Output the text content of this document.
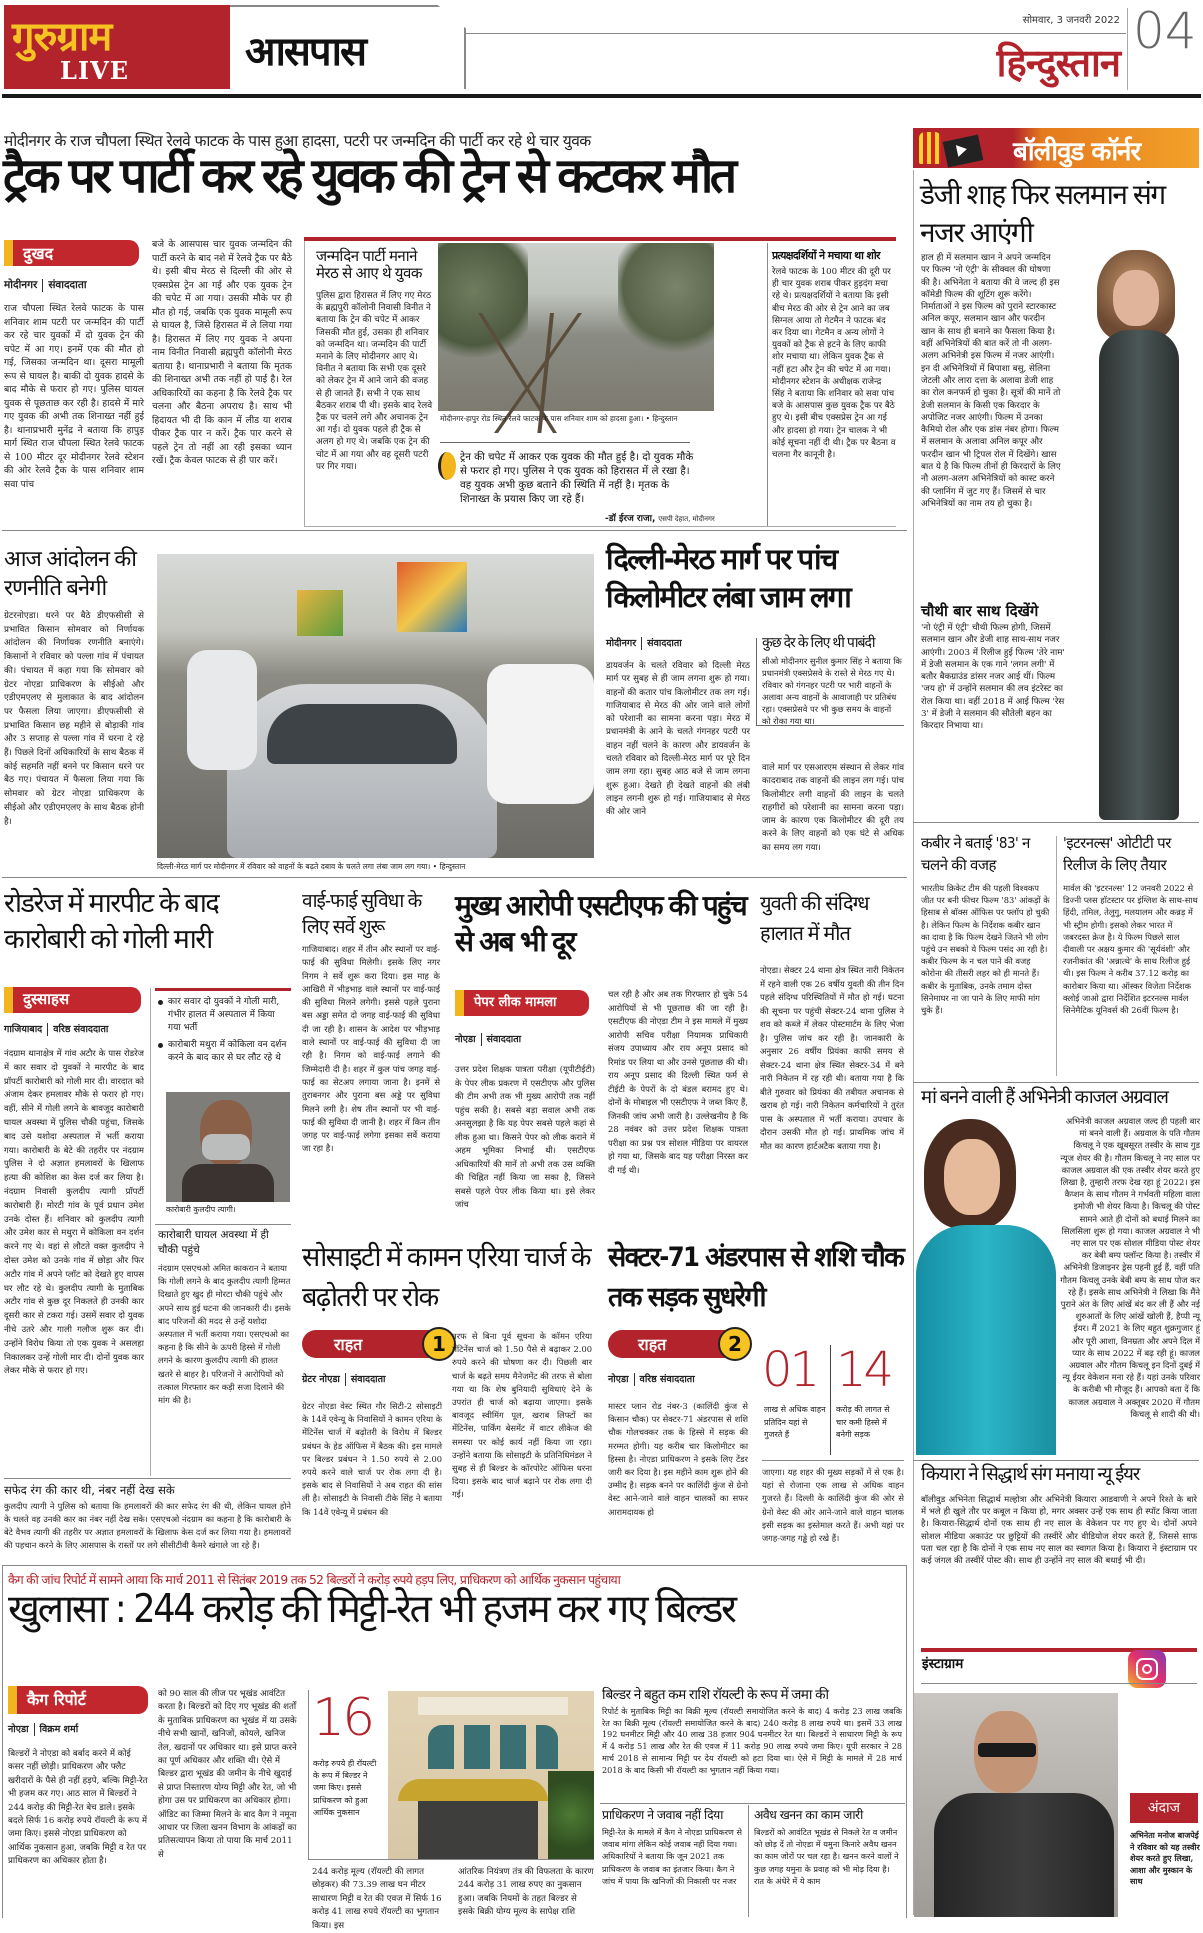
गुरुग्राम
LIVE	आसपास
सोमवार, 3 जनवरी 2022
हिन्दुस्तान
04
मोदीनगर के राज चौपला स्थित रेलवे फाटक के पास हुआ हादसा, पटरी पर जन्मदिन की पार्टी कर रहे थे चार युवक
ट्रैक पर पार्टी कर रहे युवक की ट्रेन से कटकर मौत
दुखद
मोदीनगर संवाददाता
राज चौपला स्थित रेलवे फाटक के पास शनिवार शाम पटरी पर जन्मदिन की पार्टी कर रहे चार युवकों में दो युवक ट्रेन की चपेट में आ गए। इनमें एक की मौत हो गई, जिसका जन्मदिन था। दूसरा मामूली रूप से घायल है। बाकी दो युवक हादसे के बाद मौके से फरार हो गए। पुलिस घायल युवक से पूछताछ कर रही है। हादसे में मारे गए युवक की अभी तक शिनाख्त नहीं हुई है। थानाप्रभारी मुनेंद्र ने बताया कि हापुड़ मार्ग स्थित राज चौपला स्थित रेलवे फाटक से 100 मीटर दूर मोदीनगर रेलवे स्टेशन की ओर रेलवे ट्रैक के पास शनिवार शाम सवा पांच
बजे के आसपास चार युवक जन्मदिन की पार्टी करने के बाद नशे में रेलवे ट्रैक पर बैठे थे। इसी बीच मेरठ से दिल्ली की ओर से एक्सप्रेस ट्रेन आ गई और एक युवक ट्रेन की चपेट में आ गया। उसकी मौके पर ही मौत हो गई, जबकि एक युवक मामूली रूप से घायल है, जिसे हिरासत में ले लिया गया है। हिरासत में लिए गए युवक ने अपना नाम विनीत निवासी ब्रह्मपुरी कॉलोनी मेरठ बताया है। थानाप्रभारी ने बताया कि मृतक की शिनाख्त अभी तक नहीं हो पाई है। रेल अधिकारियों का कहना है कि रेलवे ट्रैक पर चलना और बैठना अपराध है। साथ भी हिदायत भी दी कि कान में लीड या शराब पीकर ट्रैक पार न करें। ट्रैक पार करने से पहले ट्रेन तो नहीं आ रही इसका ध्यान रखें। ट्रैक केवल फाटक से ही पार करें।
जन्मदिन पार्टी मनाने मेरठ से आए थे युवक
पुलिस द्वारा हिरासत में लिए गए मेरठ के ब्रह्मपुरी कॉलोनी निवासी विनीत ने बताया कि ट्रेन की चपेट में आकर जिसकी मौत हुई, उसका ही शनिवार को जन्मदिन था। जन्मदिन की पार्टी मनाने के लिए मोदीनगर आए थे। विनीत ने बताया कि सभी एक दूसरे को लेकर ट्रेन में आने जाने की वजह से ही जानते हैं। सभी ने एक साथ बैठकर शराब पी थी। इसके बाद रेलवे ट्रैक पर चलने लगे और अचानक ट्रेन आ गई। दो युवक पहले ही ट्रैक से अलग हो गए थे। जबकि एक ट्रेन की चोट में आ गया और वह दूसरी पटरी पर गिर गया।
मोदीनगर-हापुर रोड स्थित रेलवे फाटक के पास शनिवार शाम को हादसा हुआ। • हिन्दुस्तान
ट्रेन की चपेट में आकर एक युवक की मौत हुई है। दो युवक मौके से फरार हो गए। पुलिस ने एक युवक को हिरासत में ले रखा है। वह युवक अभी कुछ बताने की स्थिति में नहीं है। मृतक के शिनाख्त के प्रयास किए जा रहे हैं।
-डॉ ईरज राजा, एसपी देहात, मोदीनगर
प्रत्यक्षदर्शियों ने मचाया था शोर
रेलवे फाटक के 100 मीटर की दूरी पर ही चार युवक शराब पीकर हुड़दंग मचा रहे थे। प्रत्यक्षदर्शियों ने बताया कि इसी बीच मेरठ की ओर से ट्रेन आने का जब सिग्नल आया तो गेटमैन ने फाटक बंद कर दिया था। गेटमैन व अन्य लोगों ने युवकों को ट्रैक से हटने के लिए काफी शोर मचाया था। लेकिन युवक ट्रैक से नहीं हटा और ट्रेन की चपेट में आ गया। मोदीनगर स्टेशन के अधीक्षक राजेन्द्र सिंह ने बताया कि शनिवार को सवा पांच बजे के आसपास कुछ युवक ट्रैक पर बैठे हुए थे। इसी बीच एक्सप्रेस ट्रेन आ गई और हादसा हो गया। ट्रेन चालक ने भी कोई सूचना नहीं दी थी। ट्रैक पर बैठना व चलना गैर कानूनी है।
बॉलीवुड कॉर्नर
डेजी शाह फिर सलमान संग नजर आएंगी
हाल ही में सलमान खान ने अपने जन्मदिन पर फिल्म 'नो एंट्री' के सीक्वल की घोषणा की है। अभिनेता ने बताया की वे जल्द ही इस कॉमेडी फिल्म की शूटिंग शुरू करेंगे। निर्माताओं ने इस फिल्म को पुराने स्टारकास्ट अनिल कपूर, सलमान खान और फरदीन खान के साथ ही बनाने का फैसला किया है। वहीं अभिनेत्रियों की बात करें तो नी अलग-अलग अभिनेत्री इस फिल्म में नजर आएंगी। इन दी अभिनेत्रियों में बिपाशा बसु, सेलिना जेटली और लारा दत्ता के अलावा डेजी शाह का रोल कनफर्म हो चुका है। सूत्रों की मानें तो डेजी सलमान के किसी एक किरदार के अपोजिट नजर आएंगी। फिल्म में उनका कैमियो रोल और एक डांस नंबर होगा। फिल्म में सलमान के अलावा अनिल कपूर और फरदीन खान भी ट्रिपल रोल में दिखेंगे। खास बात ये है कि फिल्म तीनों ही किरदारों के लिए नौ अलग-अलग अभिनेत्रियों को कास्ट करने की प्लानिंग में जुट गए हैं। जिसमें से चार अभिनेत्रियों का नाम तय हो चुका है।
चौथी बार साथ दिखेंगे
'नो एंट्री में एंट्री' चौथी फिल्म होगी, जिसमें सलमान खान और डेजी शाह साथ-साथ नजर आएंगी। 2003 में रिलीज हुई फिल्म 'तेरे नाम' में डेजी सलमान के एक गाने 'लगन लगी' में बतौर बैकग्राउंड डांसर नजर आई थीं। फिल्म 'जय हो' में उन्होंने सलमान की लव इंटरेस्ट का रोल किया था। वहीं 2018 में आई फिल्म 'रेस 3' में डेजी ने सलमान की सौतेली बहन का किरदार निभाया था।
कबीर ने बताई '83' न चलने की वजह
भारतीय क्रिकेट टीम की पहली विश्वकप जीत पर बनी फीचर फिल्म '83' आंकड़ों के हिसाब से बॉक्स ऑफिस पर फ्लॉप हो चुकी है। लेकिन फिल्म के निर्देशक कबीर खान का दावा है कि फिल्म देखने जितने भी लोग पहुंचे उन सबको ये फिल्म पसंद आ रही है। कबीर फिल्म के न चल पाने की वजह कोरोना की तीसरी लहर को ही मानते हैं। कबीर के मुताबिक, उनके तमाम दोस्त सिनेमाघर ना जा पाने के लिए माफी मांग चुके हैं।
'इटरनल्स' ओटीटी पर रिलीज के लिए तैयार
मार्वल की 'इटरनल्स' 12 जनवरी 2022 से डिज्नी प्लस हॉटस्टार पर इंग्लिश के साथ-साथ हिंदी, तमिल, तेलुगु, मलयालम और कन्नड़ में भी स्ट्रीम होगी। इसको लेकर भारत में जबरदस्त क्रेज है। ये फिल्म पिछले साल दीवाली पर अक्षय कुमार की 'सूर्यवंशी' और रजनीकांत की 'अन्नात्थे' के साथ रिलीज हुई थी। इस फिल्म ने करीब 37.12 करोड़ का कारोबार किया था। ऑस्कर विजेता निर्देशक क्लोई जाओ द्वारा निर्देशित इटरनल्स मार्वल सिनेमैटिक यूनिवर्स की 26वीं फिल्म है।
मां बनने वाली हैं अभिनेत्री काजल अग्रवाल
अभिनेत्री काजल अग्रवाल जल्द ही पहली बार मां बनने वाली हैं। अग्रवाल के पति गौतम किचलू ने एक खूबसूरत तस्वीर के साथ गुड न्यूज शेयर की है। गौतम किचलू ने नए साल पर काजल अग्रवाल की एक तस्वीर शेयर करते हुए लिखा है, तुम्हारी तरफ देख रहा हूं 2022। इस कैप्शन के साथ गौतम ने गर्भवती महिला वाला इमोजी भी शेयर किया है। किचलू की पोस्ट सामने आते ही दोनों को बधाई मिलने का सिलसिला शुरू हो गया। काजल अग्रवाल ने भी नए साल पर एक सोशल मीडिया पोस्ट शेयर कर बेबी बम्प फ्लॉन्ट किया है। तस्वीर में अभिनेत्री डिजाइनर ड्रेस पहनी हुई हैं, वहीं पति गौतम किचलू उनके बेबी बम्प के साथ पोज कर रहे हैं। इसके साथ अभिनेत्री ने लिखा कि मैंने पुराने अंत के लिए आंखें बंद कर ली हैं और नई शुरुआतों के लिए आंखें खोली हैं, हैप्पी न्यू ईयर। मैं 2021 के लिए बहुत शुक्रगुजार हूं और पूरी आशा, विनम्रता और अपने दिल में प्यार के साथ 2022 में बढ़ रही हूं। काजल अग्रवाल और गौतम किचलू इन दिनों दुबई में न्यू ईयर वेकेशन मना रहे हैं। यहां उनके परिवार के करीबी भी मौजूद हैं। आपको बता दें कि काजल अग्रवाल ने अक्तूबर 2020 में गौतम किचलू से शादी की थी।
कियारा ने सिद्धार्थ संग मनाया न्यू ईयर
बॉलीवुड अभिनेता सिद्धार्थ मल्होत्रा और अभिनेत्री कियारा आडवाणी ने अपने रिश्ते के बारे में भले ही खुले तौर पर कबूल न किया हो, मगर अक्सर उन्हें एक साथ ही स्पॉट किया जाता है। कियारा-सिद्धार्थ दोनों एक साथ ही नए साल के वेकेशन पर गए हुए थे। दोनों अपने सोशल मीडिया अकाउंट पर छुट्टियों की तस्वीरें और वीडियोज शेयर करते हैं, जिससे साफ पता चल रहा है कि दोनों ने एक साथ नए साल का स्वागत किया है। कियारा ने इंस्टाग्राम पर कई जंगल की तस्वीरें पोस्ट की। साथ ही उन्होंने नए साल की बधाई भी दी।
इंस्टाग्राम
अंदाज
अभिनेता मनोज बाजपेई ने रविवार को यह तस्वीर शेयर करते हुए लिखा, आशा और मुस्कान के साथ
आज आंदोलन की रणनीति बनेगी
ग्रेटरनोएडा। धरने पर बैठे डीएफसीसी से प्रभावित किसान सोमवार को निर्णायक आंदोलन की निर्णायक रणनीति बनाएंगे। किसानों ने रविवार को पल्ला गांव में पंचायत की। पंचायत में कहा गया कि सोमवार को ग्रेटर नोएडा प्राधिकरण के सीईओ और एडीएमएलए से मुलाकात के बाद आंदोलन पर फैसला लिया जाएगा। डीएफसीसी से प्रभावित किसान छह महीने से बोड़ाकी गांव और 3 सप्ताह से पल्ला गांव में धरना दे रहे हैं। पिछले दिनों अधिकारियों के साथ बैठक में कोई सहमति नहीं बनने पर किसान धरने पर बैठ गए। पंचायत में फैसला लिया गया कि सोमवार को ग्रेटर नोएडा प्राधिकरण के सीईओ और एडीएमएलए के साथ बैठक होनी है।
दिल्ली-मेरठ मार्ग पर मोदीनगर में रविवार को वाहनों के बढ़ते दबाव के चलते लगा लंबा जाम लग गया। • हिन्दुस्तान
दिल्ली-मेरठ मार्ग पर पांच किलोमीटर लंबा जाम लगा
मोदीनगर संवाददाता
डायवर्जन के चलते रविवार को दिल्ली मेरठ मार्ग पर सुबह से ही जाम लगना शुरू हो गया। वाहनों की कतार पांच किलोमीटर तक लग गई। गाजियाबाद से मेरठ की ओर जाने वाले लोगों को परेशानी का सामना करना पड़ा। मेरठ में प्रधानमंत्री के आने के चलते गंगनहर पटरी पर वाहन नहीं चलने के कारण और डायवर्जन के चलते रविवार को दिल्ली-मेरठ मार्ग पर पूरे दिन जाम लगा रहा। सुबह आठ बजे से जाम लगना शुरू हुआ। देखते ही देखते वाहनों की लंबी लाइन लगनी शुरू हो गई। गाजियाबाद से मेरठ की ओर जाने
कुछ देर के लिए थी पाबंदी
सीओ मोदीनगर सुनील कुमार सिंह ने बताया कि प्रधानमंत्री एक्सप्रेसवे के रास्ते से मेरठ गए थे। रविवार को गंगनहर पटरी पर भारी वाहनों के अलावा अन्य वाहनों के आवाजाही पर प्रतिबंध रहा। एक्सप्रेसवे पर भी कुछ समय के वाहनों को रोका गया था।
वाले मार्ग पर एसआरएम संस्थान से लेकर गांव कादराबाद तक वाहनों की लाइन लग गई। पांच किलोमीटर लगी वाहनों की लाइन के चलते राहगीरों को परेशानी का सामना करना पड़ा। जाम के कारण एक किलोमीटर की दूरी तय करने के लिए वाहनों को एक घंटे से अधिक का समय लग गया।
रोडरेज में मारपीट के बाद कारोबारी को गोली मारी
दुस्साहस
गाजियाबाद वरिष्ठ संवाददाता
नंदग्राम थानाक्षेत्र में गांव अटौर के पास रोडरेज में कार सवार दो युवकों ने मारपीट के बाद प्रॉपर्टी कारोबारी को गोली मार दी। वारदात को अंजाम देकर हमलावर मौके से फरार हो गए। वहीं, सीने में गोली लगने के बावजूद कारोबारी घायल अवस्था में पुलिस चौकी पहुंचा, जिसके बाद उसे यशोदा अस्पताल में भर्ती कराया गया। कारोबारी के बेटे की तहरीर पर नंदग्राम पुलिस ने दो अज्ञात हमलावरों के खिलाफ हत्या की कोशिश का केस दर्ज कर लिया है। नंदग्राम निवासी कुलदीप त्यागी प्रॉपर्टी कारोबारी हैं। मोरटी गांव के पूर्व प्रधान उमेश उनके दोस्त हैं। शनिवार को कुलदीप त्यागी और उमेश कार से मथुरा में कोकिला वन दर्शन करने गए थे। वहां से लौटते वक्त कुलदीप ने दोस्त उमेश को उनके गांव में छोड़ा और फिर अटौर गांव में अपने प्लॉट को देखते हुए वापस घर लौट रहे थे। कुलदीप त्यागी के मुताबिक अटौर गांव से कुछ दूर निकलते ही उनकी कार दूसरी कार से टकरा गई। उसमें सवार दो युवक नीचे उतरे और गाली गलौज शुरू कर दी। उन्होंने विरोध किया तो एक युवक ने असलहा निकालकर उन्हें गोली मार दी। दोनों युवक कार लेकर मौके से फरार हो गए।
कार सवार दो युवकों ने गोली मारी, गंभीर हालत में अस्पताल में किया गया भर्ती
कारोबारी मथुरा में कोकिला वन दर्शन करने के बाद कार से घर लौट रहे थे
कारोबारी कुलदीप त्यागी।
कारोबारी घायल अवस्था में ही चौकी पहुंचे
नंदग्राम एसएचओ अमित काकरान ने बताया कि गोली लगने के बाद कुलदीप त्यागी हिम्मत दिखाते हुए खुद ही मोरटा चौकी पहुंचे और अपने साथ हुई घटना की जानकारी दी। इसके बाद परिजनों की मदद से उन्हें यशोदा अस्पताल में भर्ती कराया गया। एसएचओ का कहना है कि सीने के ऊपरी हिस्से में गोली लगने के कारण कुलदीप त्यागी की हालत खतरे से बाहर है। परिजनों ने आरोपियों को तत्काल गिरफ्तार कर कड़ी सजा दिलाने की मांग की है।
सफेद रंग की कार थी, नंबर नहीं देख सके
कुलदीप त्यागी ने पुलिस को बताया कि हमलावरों की कार सफेद रंग की थी, लेकिन घायल होने के चलते वह उनकी कार का नंबर नहीं देख सके। एसएचओ नंदग्राम का कहना है कि कारोबारी के बेटे वैभव त्यागी की तहरीर पर अज्ञात हमलावरों के खिलाफ केस दर्ज कर लिया गया है। हमलावरों की पहचान करने के लिए आसपास के रास्तों पर लगे सीसीटीवी कैमरे खंगाले जा रहे हैं।
वाई-फाई सुविधा के लिए सर्वे शुरू
गाजियाबाद। शहर में तीन और स्थानों पर वाई-फाई की सुविधा मिलेगी। इसके लिए नगर निगम ने सर्वे शुरू करा दिया। इस माह के आखिरी में भीड़भाड़ वाले स्थानों पर वाई-फाई की सुविधा मिलने लगेगी। इससे पहले पुराना बस अड्डा समेत दो जगह वाई-फाई की सुविधा दी जा रही है। शासन के आदेश पर भीड़भाड़ वाले स्थानों पर वाई-फाई की सुविधा दी जा रही है। निगम को वाई-फाई लगाने की जिम्मेदारी दी है। शहर में कुल पांच जगह वाई-फाई का सेटअप लगाया जाना है। इनमें से तुराबनगर और पुराना बस अड्डे पर सुविधा मिलने लगी है। शेष तीन स्थानों पर भी वाई-फाई की सुविधा दी जानी है। शहर में किन तीन जगह पर वाई-फाई लगेगा इसका सर्वे कराया जा रहा है।
मुख्य आरोपी एसटीएफ की पहुंच से अब भी दूर
पेपर लीक मामला
नोएडा संवाददाता
उत्तर प्रदेश शिक्षक पात्रता परीक्षा (यूपीटीईटी) के पेपर लीक प्रकरण में एसटीएफ और पुलिस की टीम अभी तक भी मुख्य आरोपी तक नहीं पहुंच सकी है। सबसे बड़ा सवाल अभी तक अनसुलझा है कि यह पेपर सबसे पहले कहां से लीक हुआ था। किसने पेपर को लीक कराने में अहम भूमिका निभाई थी। एसटीएफ अधिकारियों की मानें तो अभी तक उस व्यक्ति की चिह्नित नहीं किया जा सका है, जिसने सबसे पहले पेपर लीक किया था। इसे लेकर जांच
चल रही है और अब तक गिरफ्तार हो चुके 54 आरोपियों से भी पूछताछ की जा रही है। एसटीएफ की नोएडा टीम ने इस मामले में मुख्य आरोपी सचिव परीक्षा नियामक प्राधिकारी संजय उपाध्याय और राय अनूप प्रसाद को रिमांड पर लिया था और उनसे पूछताछ की थी। राय अनूप प्रसाद की दिल्ली स्थित फर्म से टीईटी के पेपरों के दो बंडल बरामद हुए थे। दोनों के मोबाइल भी एसटीएफ ने जब्त किए हैं, जिनकी जांच अभी जारी है। उल्लेखनीय है कि 28 नवंबर को उत्तर प्रदेश शिक्षक पात्रता परीक्षा का प्रश्न पत्र सोशल मीडिया पर वायरल हो गया था, जिसके बाद यह परीक्षा निरस्त कर दी गई थी।
युवती की संदिग्ध हालात में मौत
नोएडा। सेक्टर 24 थाना क्षेत्र स्थित नारी निकेतन में रहने वाली एक 26 वर्षीय युवती की तीन दिन पहले संदिग्ध परिस्थितियों में मौत हो गई। घटना की सूचना पर पहुंची सेक्टर-24 थाना पुलिस ने शव को कब्जे में लेकर पोस्टमार्टम के लिए भेजा है। पुलिस जांच कर रही है। जानकारी के अनुसार 26 वर्षीय प्रियंका काफी समय से सेक्टर-24 थाना क्षेत्र स्थित सेक्टर-34 में बने नारी निकेतन में रह रही थी। बताया गया है कि बीते गुरुवार को प्रियंका की तबीयत अचानक से खराब हो गई। नारी निकेतन कर्मचारियों ने तुरंत पास के अस्पताल में भर्ती कराया। उपचार के दौरान उसकी मौत हो गई। प्राथमिक जांच में मौत का कारण हार्टअटैक बताया गया है।
सोसाइटी में कामन एरिया चार्ज के बढ़ोतरी पर रोक
राहत	1
ग्रेटर नोएडा संवाददाता
ग्रेटर नोएडा वेस्ट स्थित गौर सिटी-2 सोसाइटी के 14वें एवेन्यू के निवासियों ने कामन एरिया के मेंटिनेंस चार्ज में बढ़ोतरी के विरोध में बिल्डर प्रबंधन के हेड ऑफिस में बैठक की। इस मामले पर बिल्डर प्रबंधन ने 1.50 रुपये से 2.00 रुपये करने वाले चार्ज पर रोक लगा दी है। इसके बाद से निवासियों ने अब राहत की सांस ली है। सोसाइटी के निवासी टीके सिंह ने बताया कि 14वें एवेन्यू में प्रबंधन की
तरफ से बिना पूर्व सूचना के कॉमन एरिया मेंटिनेंस चार्ज को 1.50 पैसे से बढ़ाकर 2.00 रुपये करने की घोषणा कर दी। पिछली बार चार्ज के बढ़ते समय मैनेजमेंट की तरफ से बोला गया था कि शेष बुनियादी सुविधाएं देने के उपरांत ही चार्ज को बढ़ाया जाएगा। इसके बावजूद स्वीमिंग पूल, खराब लिफ्टों का मेंटिनेंस, पार्किंग बेसमेंट में वाटर लीकेज की समस्या पर कोई कार्य नहीं किया जा रहा। उन्होंने बताया कि सोसाइटी के प्रतिनिधिमंडल ने सुबह से ही बिल्डर के कॉरपोरेट ऑफिस धरना दिया। इसके बाद चार्ज बढ़ाने पर रोक लगा दी गई।
सेक्टर-71 अंडरपास से शशि चौक तक सड़क सुधरेगी
राहत	2
नोएडा वरिष्ठ संवाददाता
मास्टर प्लान रोड नंबर-3 (कालिंदी कुंज से किसान चौक) पर सेक्टर-71 अंडरपास से शशि चौक गोलचक्कर तक के हिस्से में सड़क की मरम्मत होगी। यह करीब चार किलोमीटर का हिस्सा है। नोएडा प्राधिकरण ने इसके लिए टेंडर जारी कर दिया है। इस महीने काम शुरू होने की उम्मीद है। सड़क बनने पर कालिंदी कुंज से ग्रेनो वेस्ट आने-जाने वाले वाहन चालकों का सफर आरामदायक हो
01 14
लाख से अधिक वाहन प्रतिदिन यहां से गुजरते हैं
करोड़ की लागत से चार कमी हिस्से में बनेगी सड़क
जाएगा। यह शहर की मुख्य सड़कों में से एक है। यहां से रोजाना एक लाख से अधिक वाहन गुजरते हैं। दिल्ली के कालिंदी कुंज की ओर से ग्रेनो वेस्ट की ओर आने-जाने वाले वाहन चालक इसी सड़क का इस्तेमाल करते हैं। अभी यहां पर जगह-जगह गड्ढे हो रखे हैं।
कैग की जांच रिपोर्ट में सामने आया कि मार्च 2011 से सितंबर 2019 तक 52 बिल्डरों ने करोड़ रुपये हड़प लिए, प्राधिकरण को आर्थिक नुकसान पहुंचाया
खुलासा : 244 करोड़ की मिट्टी-रेत भी हजम कर गए बिल्डर
कैग रिपोर्ट
नोएडा विक्रम शर्मा
बिल्डरों ने नोएडा को बर्बाद करने में कोई कसर नहीं छोड़ी। प्राधिकरण और फ्लैट खरीदारों के पैसे ही नहीं हड़पे, बल्कि मिट्टी-रेत भी हजम कर गए। आठ साल में बिल्डरों ने 244 करोड़ की मिट्टी-रेत बेच डाले। इसके बदले सिर्फ 16 करोड़ रुपये रॉयल्टी के रूप में जमा किए। इससे नोएडा प्राधिकरण को आर्थिक नुकसान हुआ, जबकि मिट्टी व रेत पर प्राधिकरण का अधिकार होता है।
को 90 साल की लीज पर भूखंड आवंटित करता है। बिल्डरों को दिए गए भूखंड की शर्तों के मुताबिक प्राधिकरण का भूखंड में या उसके नीचे सभी खानों, खनिजों, कोयले, खनिज तेल, खदानों पर अधिकार था। इसे प्राप्त करने का पूर्ण अधिकार और शक्ति थी। ऐसे में बिल्डर द्वारा भूखंड की जमीन के नीचे खुदाई से प्राप्त निस्तारण योग्य मिट्टी और रेत, जो भी होगा उस पर प्राधिकरण का अधिकार होगा। ऑडिट का जिम्मा मिलने के बाद कैग ने नमूना आधार पर जिला खनन विभाग के आंकड़ों का प्रतिसत्यापन किया तो पाया कि मार्च 2011 से
16
करोड़ रुपये ही रॉयल्टी के रूप में बिल्डर ने जमा किए। इससे प्राधिकरण को हुआ आर्थिक नुकसान
244 करोड़ मूल्य (रॉयल्टी की लागत छोड़कर) की 73.39 लाख घन मीटर साधारण मिट्टी व रेत की एवज में सिर्फ 16 करोड़ 41 लाख रुपये रॉयल्टी का भुगतान किया। इस
आंतरिक नियंत्रण तंत्र की विफलता के कारण 244 करोड़ 31 लाख रुपए का नुकसान हुआ। जबकि नियमों के तहत बिल्डर से इसके बिक्री योग्य मूल्य के सापेक्ष राशि
बिल्डर ने बहुत कम राशि रॉयल्टी के रूप में जमा की
रिपोर्ट के मुताबिक मिट्टी का बिक्री मूल्य (रॉयल्टी समायोजित करने के बाद) 4 करोड़ 23 लाख जबकि रेत का बिक्री मूल्य (रॉयल्टी समायोजित करने के बाद) 240 करोड़ 8 लाख रुपये था। इसमें 33 लाख 192 घनमीटर मिट्टी और 40 लाख 38 हजार 904 घनमीटर रेत था। बिल्डरों ने साधारण मिट्टी के रूप में 4 करोड़ 51 लाख और रेत की एवज में 11 करोड़ 90 लाख रुपये जमा किए। यूपी सरकार ने 28 मार्च 2018 से सामान्य मिट्टी पर देय रॉयल्टी को हटा दिया था। ऐसे में मिट्टी के मामले में 28 मार्च 2018 के बाद किसी भी रॉयल्टी का भुगतान नहीं किया गया।
प्राधिकरण ने जवाब नहीं दिया
मिट्टी-रेत के मामले में कैग ने नोएडा प्राधिकरण से जवाब मांगा लेकिन कोई जवाब नहीं दिया गया। अधिकारियों ने बताया कि जून 2021 तक प्राधिकरण के जवाब का इंतजार किया। कैग ने जांच में पाया कि खनिजों की निकासी पर नजर
अवैध खनन का काम जारी
बिल्डरों को आवंटित भूखंड से निकले रेत व जमीन को छोड़ दें तो नोएडा में यमुना किनारे अवैध खनन का काम जोरों पर चल रहा है। खनन करने वालों ने कुछ जगह यमुना के प्रवाह को भी मोड़ दिया है। रात के अंधेरे में ये काम
